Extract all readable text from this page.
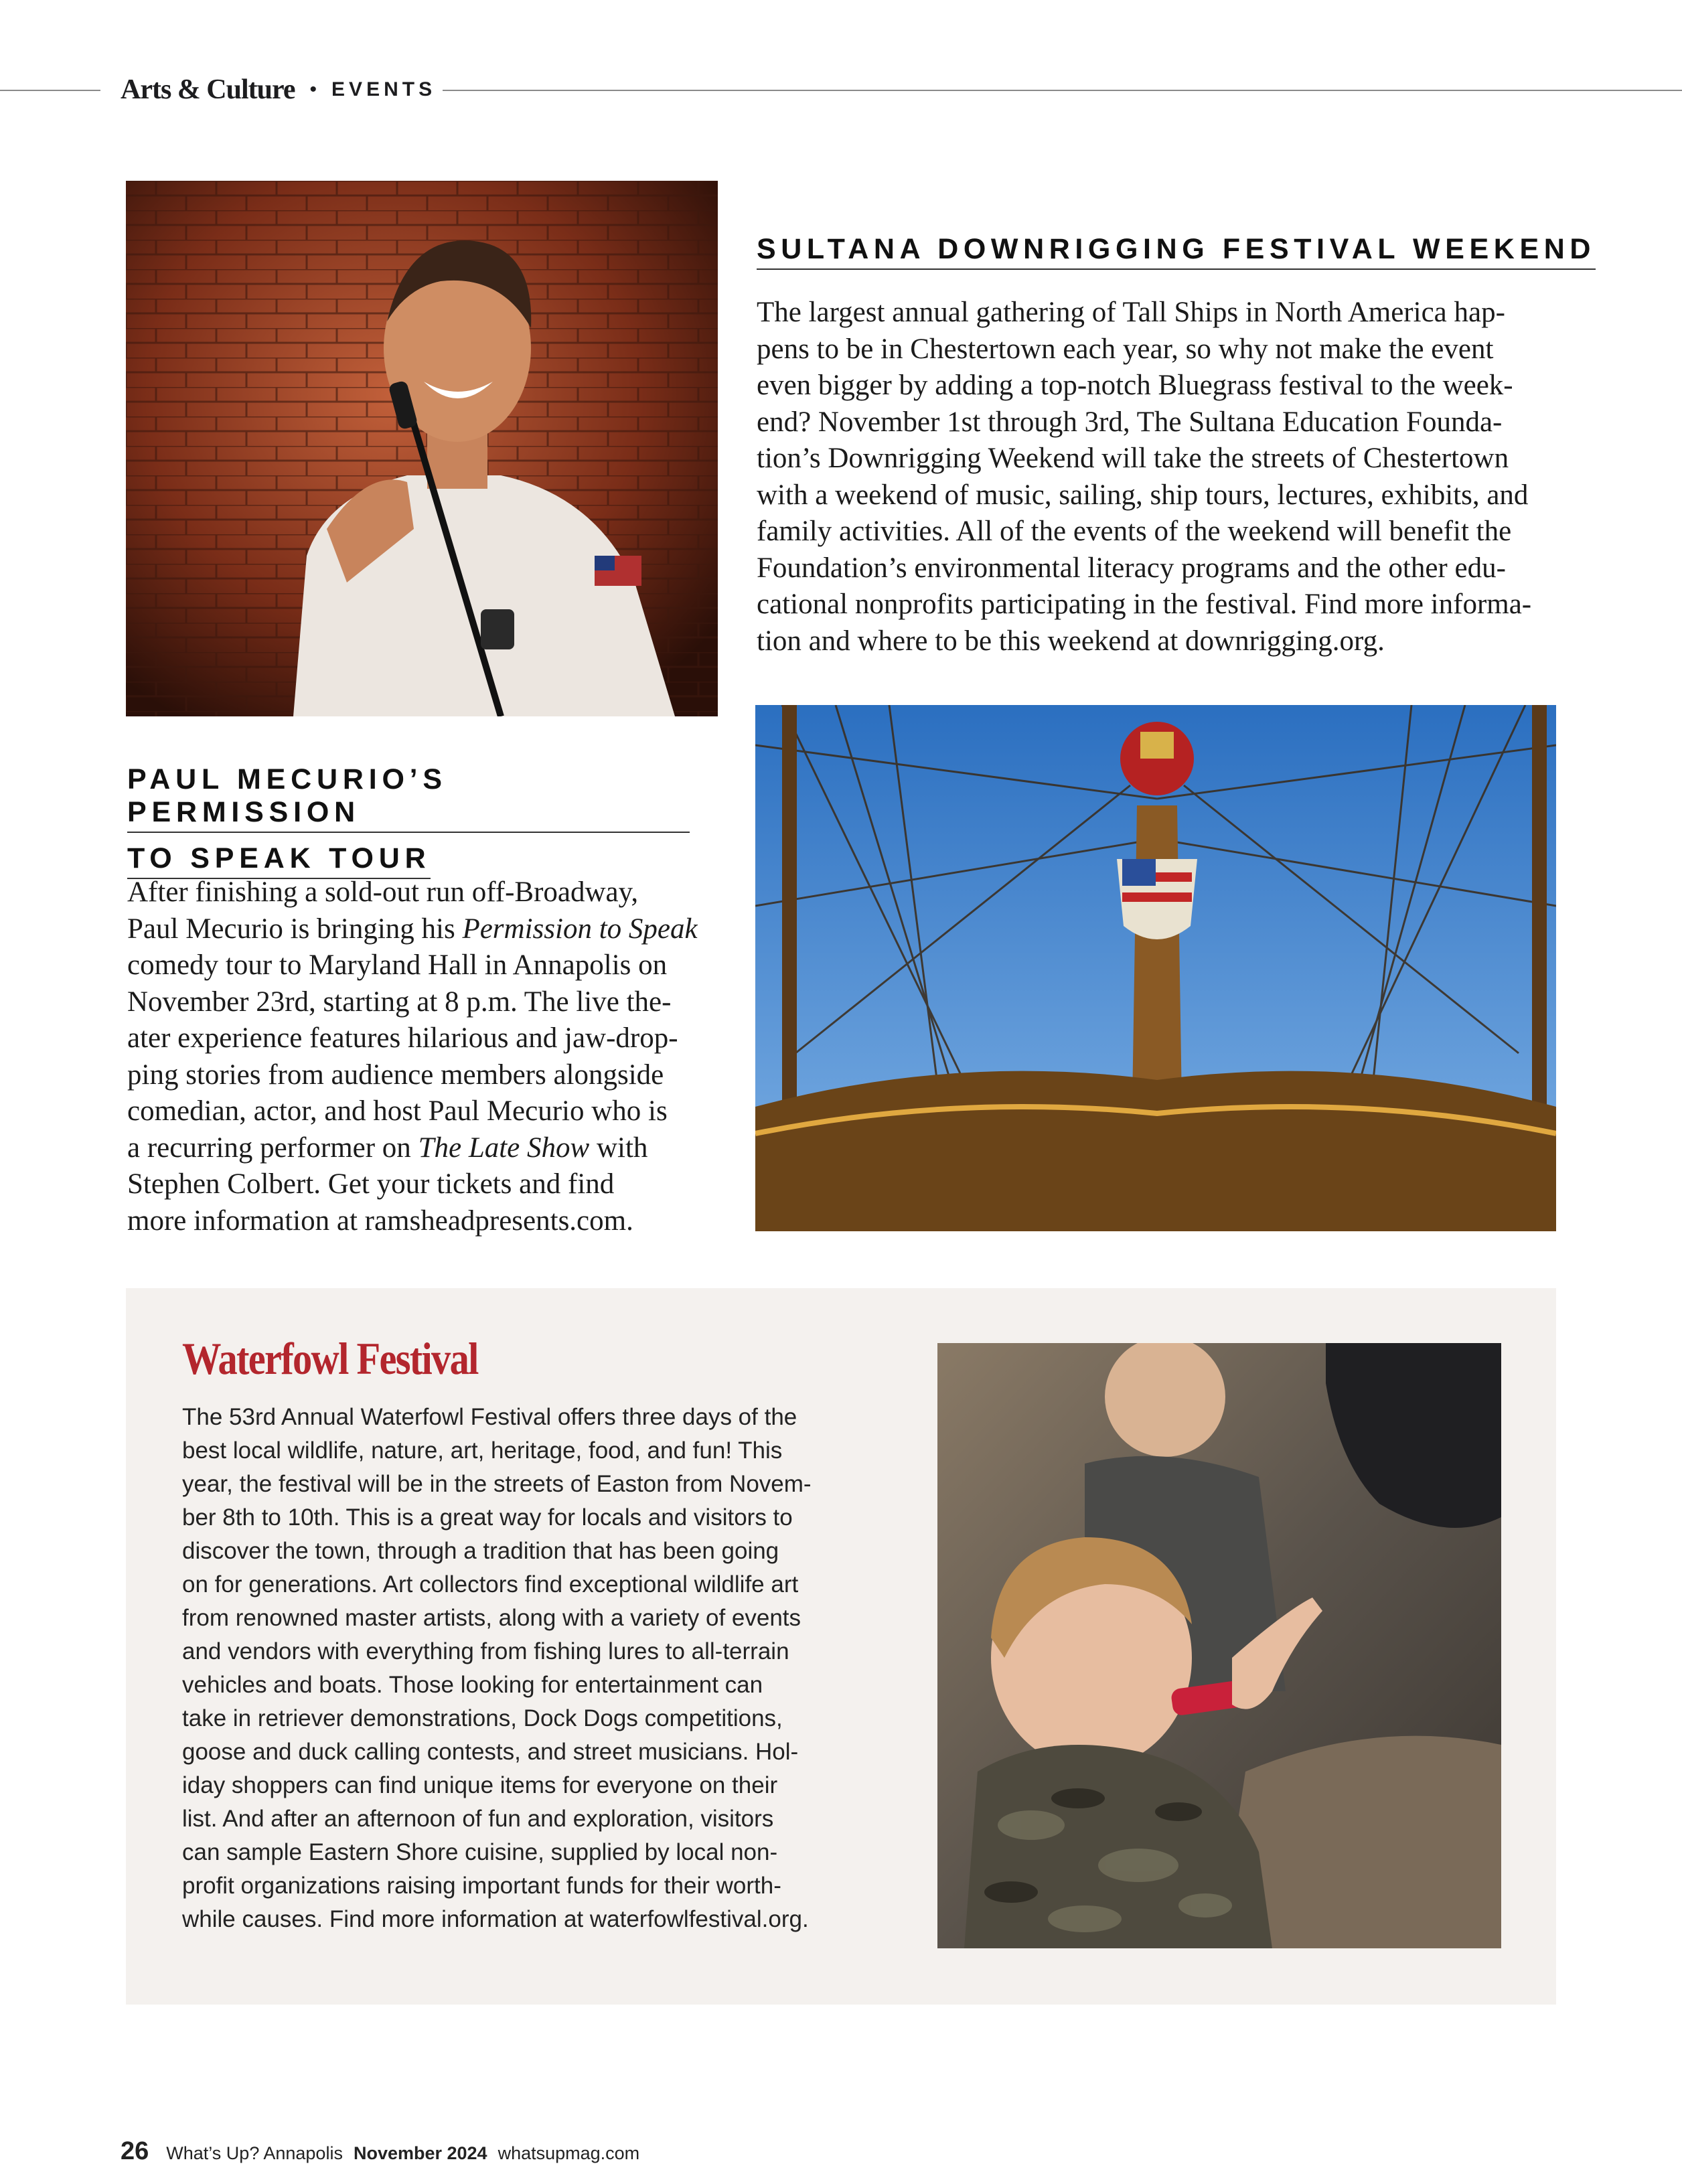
Arts & Culture • EVENTS
SULTANA DOWNRIGGING FESTIVAL WEEKEND
The largest annual gathering of Tall Ships in North America hap-
pens to be in Chestertown each year, so why not make the event
even bigger by adding a top-notch Bluegrass festival to the week-
end? November 1st through 3rd, The Sultana Education Founda-
tion’s Downrigging Weekend will take the streets of Chestertown
with a weekend of music, sailing, ship tours, lectures, exhibits, and
family activities. All of the events of the weekend will benefit the
Foundation’s environmental literacy programs and the other edu-
cational nonprofits participating in the festival. Find more informa-
tion and where to be this weekend at downrigging.org.
PAUL MECURIO’S PERMISSION
TO SPEAK TOUR
After finishing a sold-out run off-Broadway,
Paul Mecurio is bringing his Permission to Speak
comedy tour to Maryland Hall in Annapolis on
November 23rd, starting at 8 p.m. The live the-
ater experience features hilarious and jaw-drop-
ping stories from audience members alongside
comedian, actor, and host Paul Mecurio who is
a recurring performer on The Late Show with
Stephen Colbert. Get your tickets and find
more information at ramsheadpresents.com.
Waterfowl Festival
The 53rd Annual Waterfowl Festival offers three days of the
best local wildlife, nature, art, heritage, food, and fun! This
year, the festival will be in the streets of Easton from Novem-
ber 8th to 10th. This is a great way for locals and visitors to
discover the town, through a tradition that has been going
on for generations. Art collectors find exceptional wildlife art
from renowned master artists, along with a variety of events
and vendors with everything from fishing lures to all-terrain
vehicles and boats. Those looking for entertainment can
take in retriever demonstrations, Dock Dogs competitions,
goose and duck calling contests, and street musicians. Hol-
iday shoppers can find unique items for everyone on their
list. And after an afternoon of fun and exploration, visitors
can sample Eastern Shore cuisine, supplied by local non-
profit organizations raising important funds for their worth-
while causes. Find more information at waterfowlfestival.org.
26 What’s Up? Annapolis November 2024 whatsupmag.com
